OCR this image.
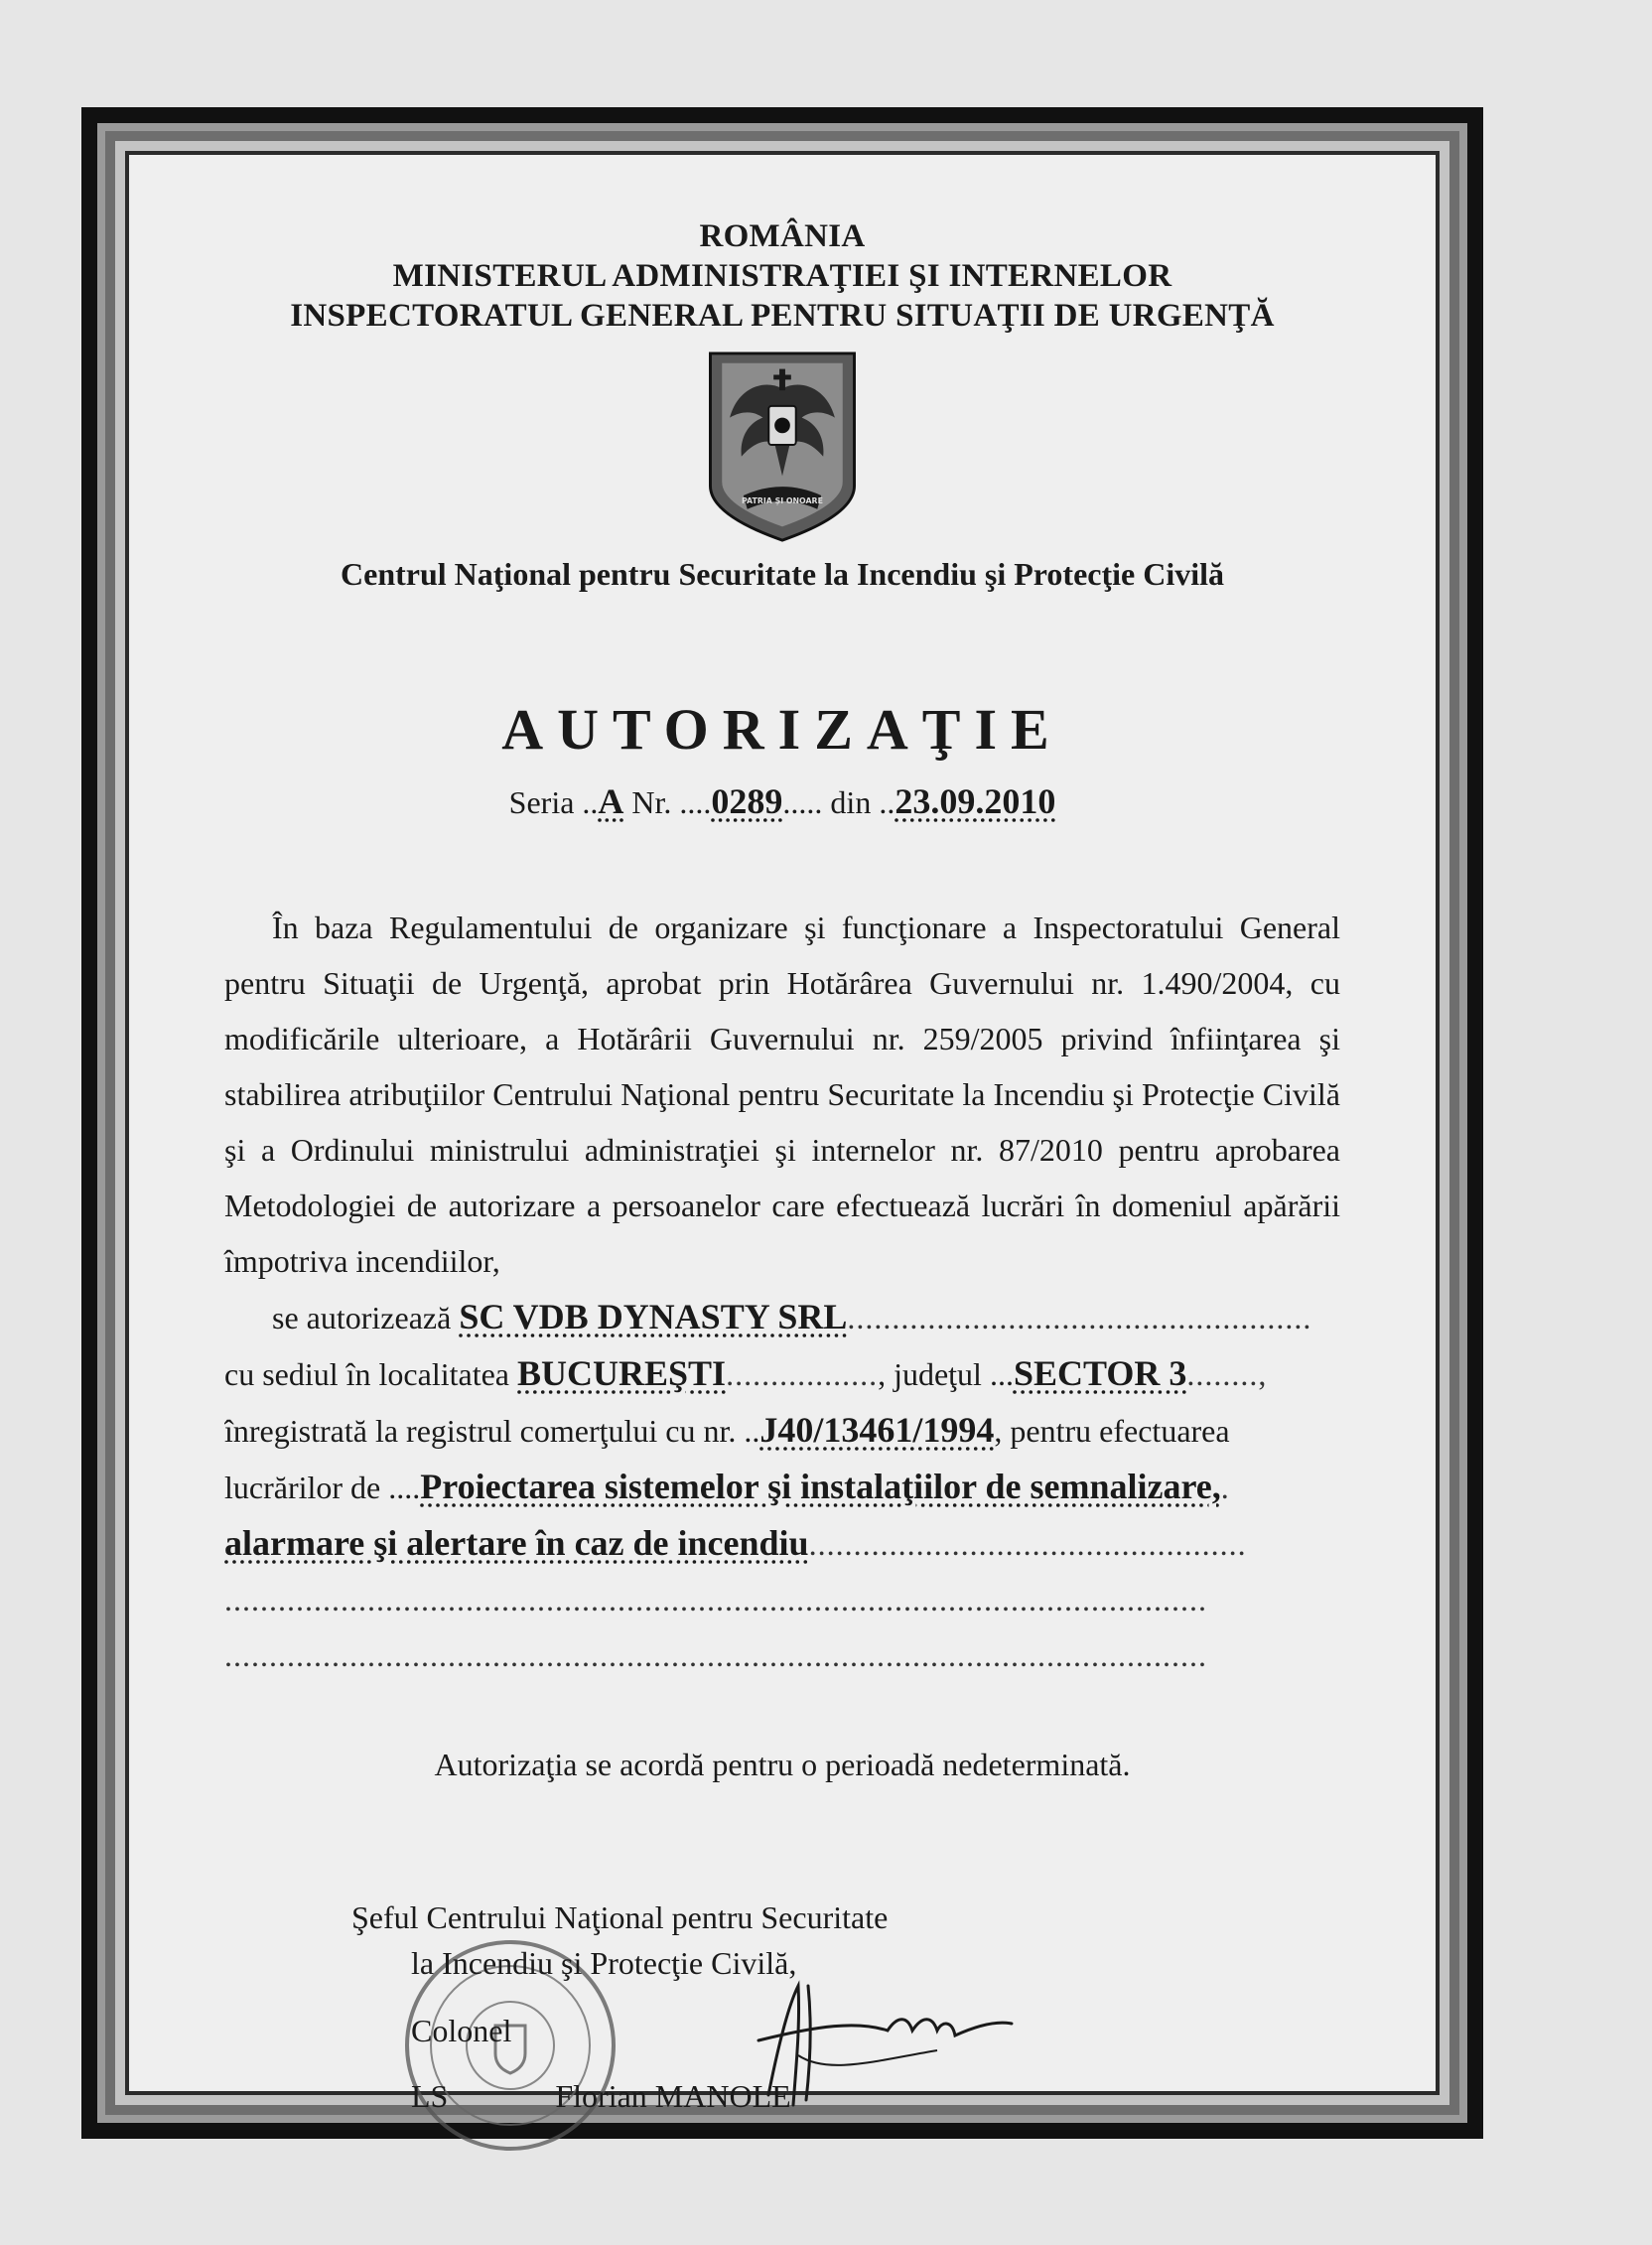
ROMÂNIA
MINISTERUL ADMINISTRAŢIEI ŞI INTERNELOR
INSPECTORATUL GENERAL PENTRU SITUAŢII DE URGENŢĂ
PATRIA ȘI ONOARE
Centrul Naţional pentru Securitate la Incendiu şi Protecţie Civilă
AUTORIZAŢIE
Seria ..A Nr. ....0289..... din ..23.09.2010
În baza Regulamentului de organizare şi funcţionare a Inspectoratului General pentru Situaţii de Urgenţă, aprobat prin Hotărârea Guvernului nr. 1.490/2004, cu modificările ulterioare, a Hotărârii Guvernului nr. 259/2005 privind înfiinţarea şi stabilirea atribuţiilor Centrului Naţional pentru Securitate la Incendiu şi Protecţie Civilă şi a Ordinului ministrului administraţiei şi internelor nr. 87/2010 pentru aprobarea Metodologiei de autorizare a persoanelor care efectuează lucrări în domeniul apărării împotriva incendiilor,
se autorizează SC VDB DYNASTY SRL....................................................
cu sediul în localitatea BUCUREŞTI................., judeţul ...SECTOR 3........,
înregistrată la registrul comerţului cu nr. ..J40/13461/1994, pentru efectuarea
lucrărilor de ....Proiectarea sistemelor şi instalaţiilor de semnalizare,.
alarmare şi alertare în caz de incendiu.................................................
..............................................................................................................
..............................................................................................................
Autorizaţia se acordă pentru o perioadă nedeterminată.
Şeful Centrului Naţional pentru Securitate
la Incendiu şi Protecţie Civilă,
Colonel
LS	Florian MANOLE
